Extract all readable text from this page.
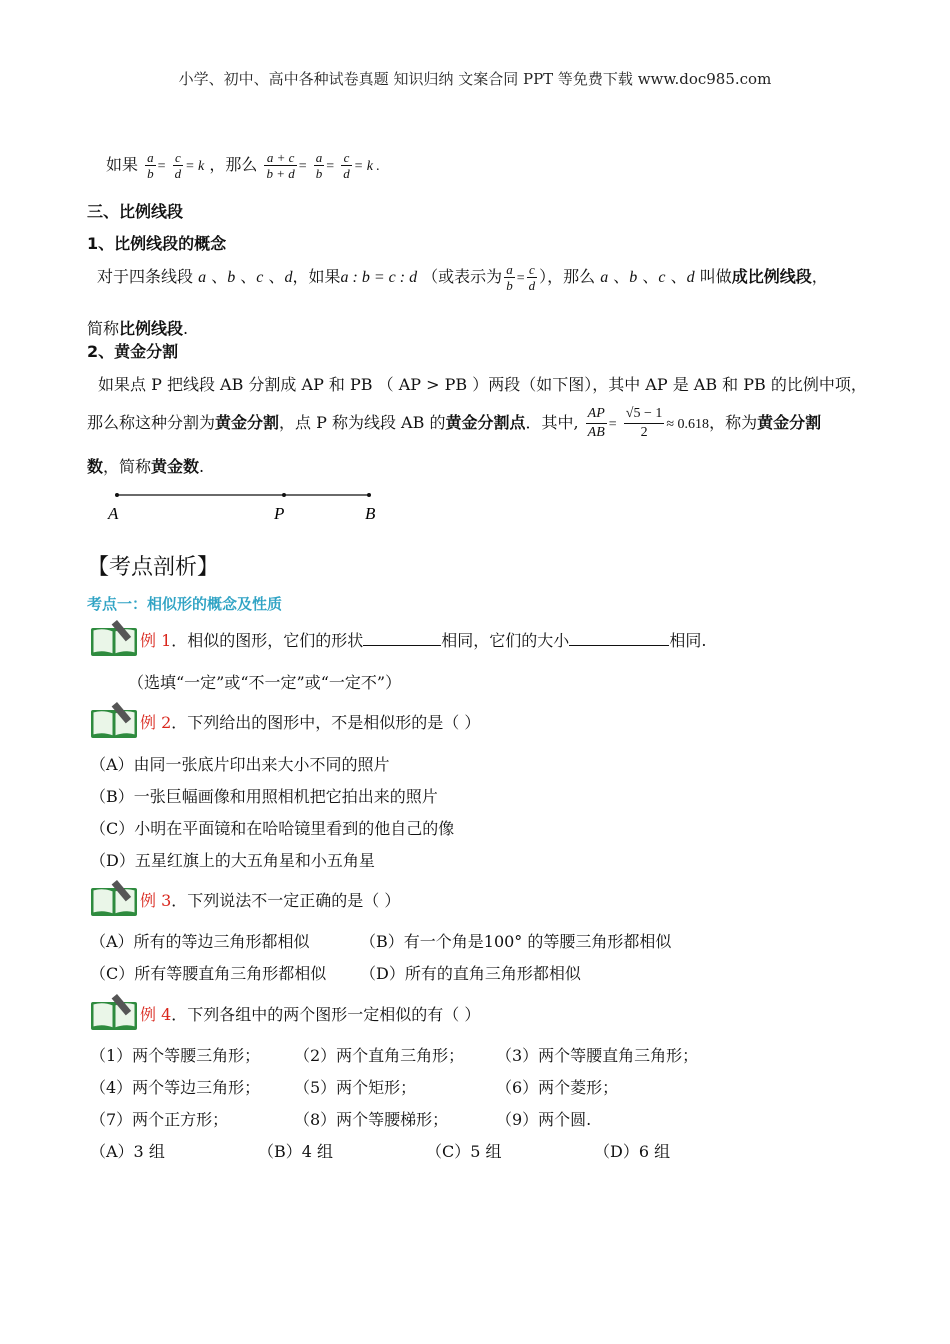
小学、初中、高中各种试卷真题 知识归纳 文案合同 PPT 等免费下载 www.doc985.com
如果 $\frac{a}{b} = \frac{c}{d} = k$ ，那么 $\frac{a + c}{b + d} = \frac{a}{b} = \frac{c}{d} = k$ .
三、比例线段
1、比例线段的概念
对于四条线段 a 、b 、c 、d，如果a : b = c : d （或表示为 $\frac{a}{b} = \frac{c}{d}$ ），那么 a 、b 、c 、d 叫做成比例线段，
简称比例线段.
2、黄金分割
如果点 P 把线段 AB 分割成 AP 和 PB （ AP > PB ）两段（如下图），其中 AP 是 AB 和 PB 的比例中项，
那么称这种分割为黄金分割，点 P 称为线段 AB 的黄金分割点．其中, $\frac{AP}{AB} = \frac{√5 - 1}{2} \approx 0.618$，称为黄金分割
数，简称黄金数.
A	P	B
【考点剖析】
考点一：相似形的概念及性质
例 1．相似的图形，它们的形状	相同，它们的大小	相同.
（选填“一定”或“不一定”或“一定不”）
例 2．下列给出的图形中，不是相似形的是（ ）
（A）由同一张底片印出来大小不同的照片
（B）一张巨幅画像和用照相机把它拍出来的照片
（C）小明在平面镜和在哈哈镜里看到的他自己的像
（D）五星红旗上的大五角星和小五角星
例 3．下列说法不一定正确的是（ ）
（A）所有的等边三角形都相似	（B）有一个角是100° 的等腰三角形都相似
（C）所有等腰直角三角形都相似 （D）所有的直角三角形都相似
例 4．下列各组中的两个图形一定相似的有（ ）
（1）两个等腰三角形； （2）两个直角三角形； （3）两个等腰直角三角形；
（4）两个等边三角形； （5）两个矩形；	（6）两个菱形；
（7）两个正方形；	（8）两个等腰梯形；	（9）两个圆.
（A）3 组	（B）4 组	（C）5 组	（D）6 组
